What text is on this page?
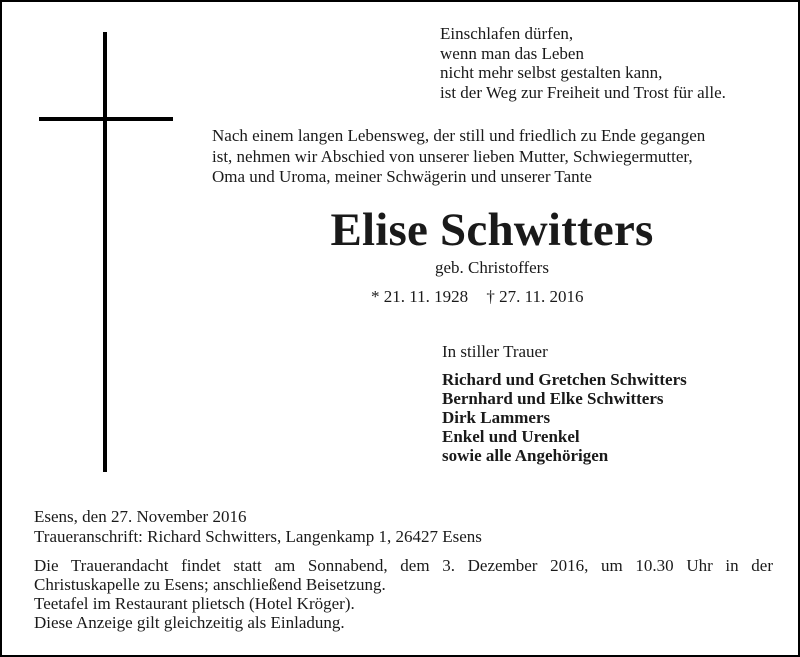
Einschlafen dürfen,
wenn man das Leben
nicht mehr selbst gestalten kann,
ist der Weg zur Freiheit und Trost für alle.
Nach einem langen Lebensweg, der still und friedlich zu Ende gegangen
ist, nehmen wir Abschied von unserer lieben Mutter, Schwiegermutter,
Oma und Uroma, meiner Schwägerin und unserer Tante
Elise Schwitters
geb. Christoffers
* 21. 11. 1928 † 27. 11. 2016
In stiller Trauer
Richard und Gretchen Schwitters
Bernhard und Elke Schwitters
Dirk Lammers
Enkel und Urenkel
sowie alle Angehörigen
Esens, den 27. November 2016
Traueranschrift: Richard Schwitters, Langenkamp 1, 26427 Esens
Die Trauerandacht findet statt am Sonnabend, dem 3. Dezember 2016, um 10.30 Uhr in der
Christuskapelle zu Esens; anschließend Beisetzung.
Teetafel im Restaurant plietsch (Hotel Kröger).
Diese Anzeige gilt gleichzeitig als Einladung.
